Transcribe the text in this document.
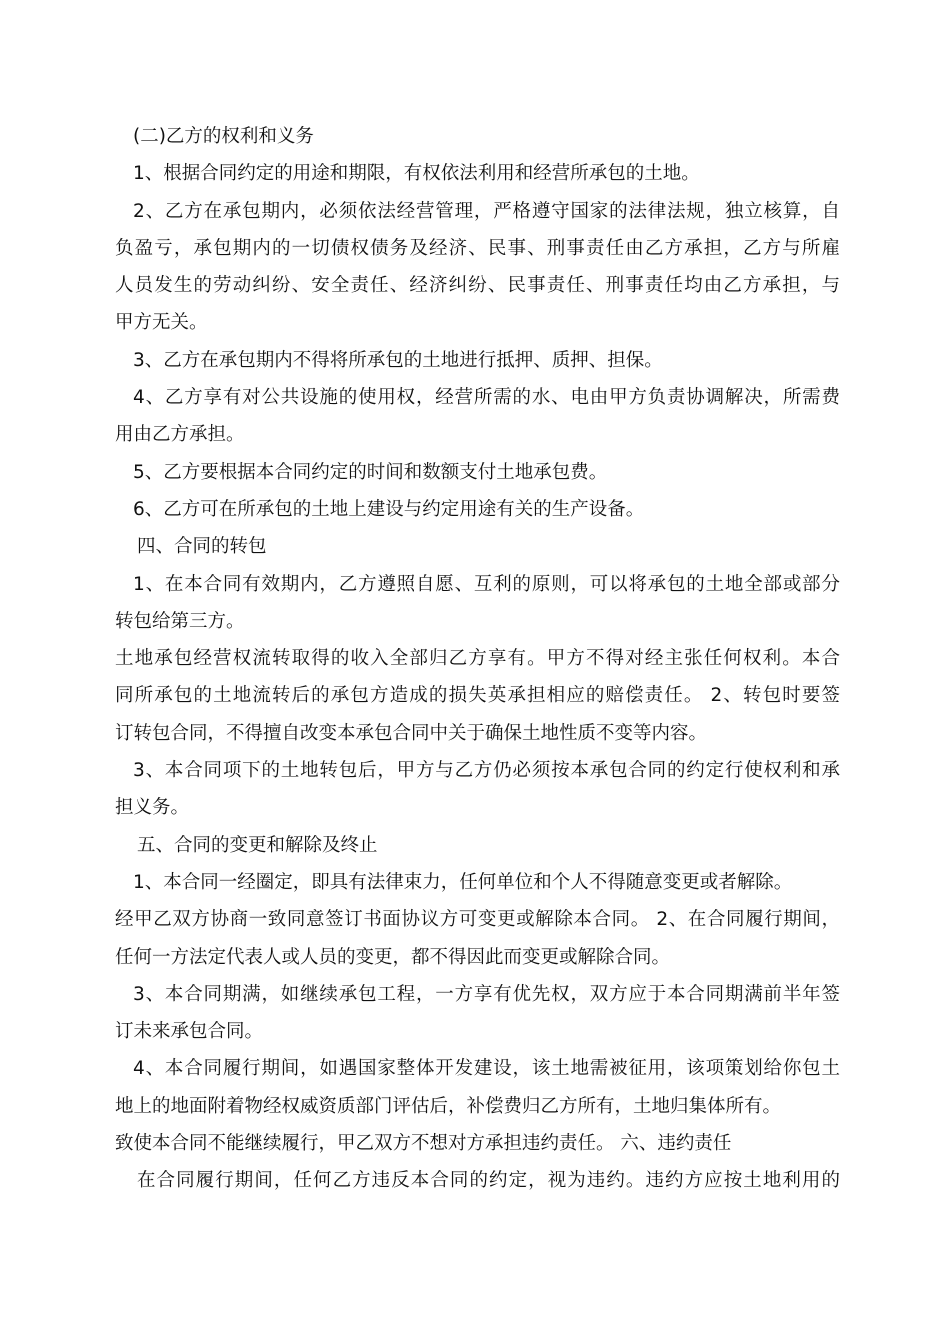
(二)乙方的权利和义务
1、根据合同约定的用途和期限，有权依法利用和经营所承包的土地。
2、乙方在承包期内，必须依法经营管理，严格遵守国家的法律法规，独立核算，自
负盈亏，承包期内的一切债权债务及经济、民事、刑事责任由乙方承担，乙方与所雇
人员发生的劳动纠纷、安全责任、经济纠纷、民事责任、刑事责任均由乙方承担，与
甲方无关。
3、乙方在承包期内不得将所承包的土地进行抵押、质押、担保。
4、乙方享有对公共设施的使用权，经营所需的水、电由甲方负责协调解决，所需费
用由乙方承担。
5、乙方要根据本合同约定的时间和数额支付土地承包费。
6、乙方可在所承包的土地上建设与约定用途有关的生产设备。
四、合同的转包
1、在本合同有效期内，乙方遵照自愿、互利的原则，可以将承包的土地全部或部分
转包给第三方。
土地承包经营权流转取得的收入全部归乙方享有。甲方不得对经主张任何权利。本合
同所承包的土地流转后的承包方造成的损失英承担相应的赔偿责任。 2、转包时要签
订转包合同，不得擅自改变本承包合同中关于确保土地性质不变等内容。
3、本合同项下的土地转包后，甲方与乙方仍必须按本承包合同的约定行使权利和承
担义务。
五、合同的变更和解除及终止
1、本合同一经圈定，即具有法律束力，任何单位和个人不得随意变更或者解除。
经甲乙双方协商一致同意签订书面协议方可变更或解除本合同。 2、在合同履行期间，
任何一方法定代表人或人员的变更，都不得因此而变更或解除合同。
3、本合同期满，如继续承包工程，一方享有优先权，双方应于本合同期满前半年签
订未来承包合同。
4、本合同履行期间，如遇国家整体开发建设，该土地需被征用，该项策划给你包土
地上的地面附着物经权威资质部门评估后，补偿费归乙方所有，土地归集体所有。
致使本合同不能继续履行，甲乙双方不想对方承担违约责任。 六、违约责任
在合同履行期间，任何乙方违反本合同的约定，视为违约。违约方应按土地利用的
